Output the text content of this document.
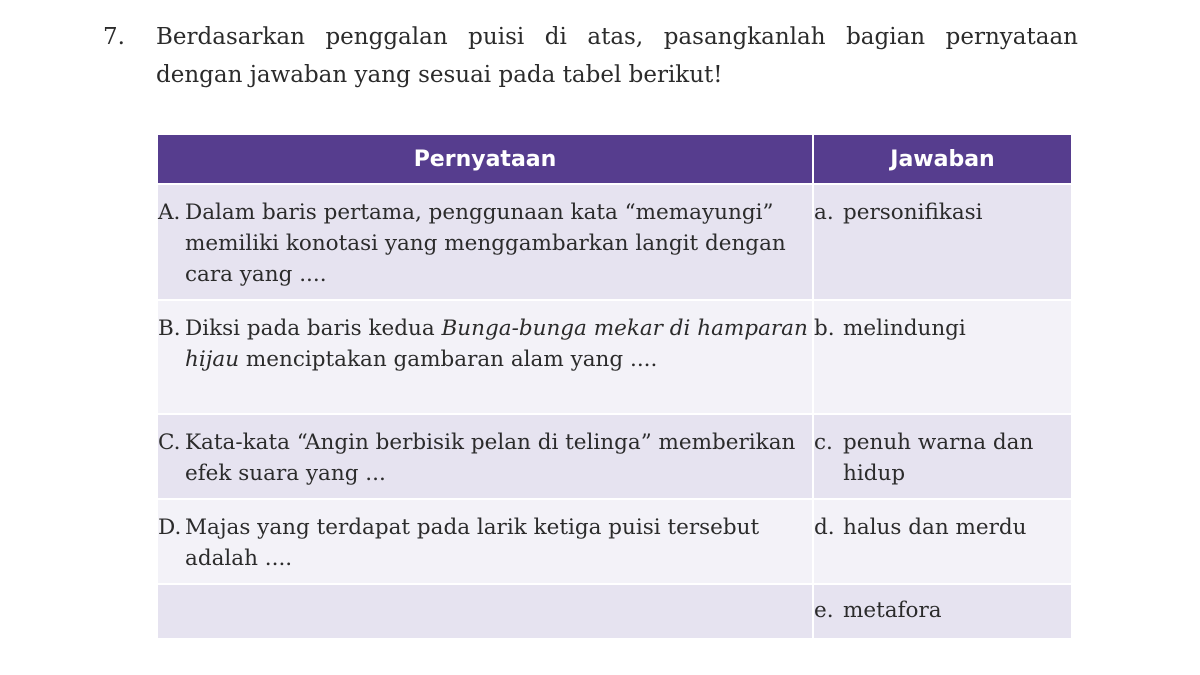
7. Berdasarkan penggalan puisi di atas, pasangkanlah bagian pernyataan
dengan jawaban yang sesuai pada tabel berikut!
Pernyataan	Jawaban

A. Dalam baris pertama, penggunaan kata “memayungi” memiliki konotasi yang menggambarkan langit dengan cara yang ....	a. personifikasi

B. Diksi pada baris kedua Bunga-bunga mekar di hamparan hijau menciptakan gambaran alam yang ....	b. melindungi

C. Kata-kata “Angin berbisik pelan di telinga” memberikan efek suara yang ...	c. penuh warna dan hidup

D. Majas yang terdapat pada larik ketiga puisi tersebut adalah ....	d. halus dan merdu

	e. metafora
